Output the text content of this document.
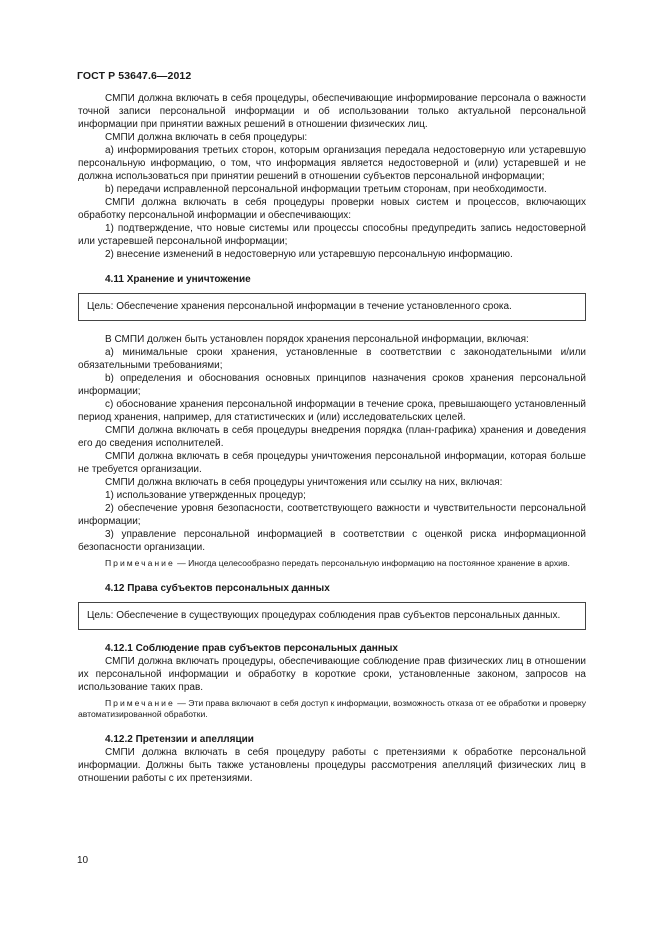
ГОСТ Р 53647.6—2012

СМПИ должна включать в себя процедуры, обеспечивающие информирование персонала о важности точной записи персональной информации и об использовании только актуальной персональной информации при принятии важных решений в отношении физических лиц.

СМПИ должна включать в себя процедуры:

a) информирования третьих сторон, которым организация передала недостоверную или устаревшую персональную информацию, о том, что информация является недостоверной и (или) устаревшей и не должна использоваться при принятии решений в отношении субъектов персональной информации;

b) передачи исправленной персональной информации третьим сторонам, при необходимости.

СМПИ должна включать в себя процедуры проверки новых систем и процессов, включающих обработку персональной информации и обеспечивающих:

1) подтверждение, что новые системы или процессы способны предупредить запись недостоверной или устаревшей персональной информации;

2) внесение изменений в недостоверную или устаревшую персональную информацию.

4.11 Хранение и уничтожение

Цель: Обеспечение хранения персональной информации в течение установленного срока.

В СМПИ должен быть установлен порядок хранения персональной информации, включая:

a) минимальные сроки хранения, установленные в соответствии с законодательными и/или обязательными требованиями;

b) определения и обоснования основных принципов назначения сроков хранения персональной информации;

c) обоснование хранения персональной информации в течение срока, превышающего установленный период хранения, например, для статистических и (или) исследовательских целей.

СМПИ должна включать в себя процедуры внедрения порядка (план-графика) хранения и доведения его до сведения исполнителей.

СМПИ должна включать в себя процедуры уничтожения персональной информации, которая больше не требуется организации.

СМПИ должна включать в себя процедуры уничтожения или ссылку на них, включая:

1) использование утвержденных процедур;

2) обеспечение уровня безопасности, соответствующего важности и чувствительности персональной информации;

3) управление персональной информацией в соответствии с оценкой риска информационной безопасности организации.

Примечание — Иногда целесообразно передать персональную информацию на постоянное хранение в архив.

4.12 Права субъектов персональных данных

Цель: Обеспечение в существующих процедурах соблюдения прав субъектов персональных данных.

4.12.1 Соблюдение прав субъектов персональных данных

СМПИ должна включать процедуры, обеспечивающие соблюдение прав физических лиц в отношении их персональной информации и обработку в короткие сроки, установленные законом, запросов на использование таких прав.

Примечание — Эти права включают в себя доступ к информации, возможность отказа от ее обработки и проверку автоматизированной обработки.

4.12.2 Претензии и апелляции

СМПИ должна включать в себя процедуру работы с претензиями к обработке персональной информации. Должны быть также установлены процедуры рассмотрения апелляций физических лиц в отношении работы с их претензиями.

10
